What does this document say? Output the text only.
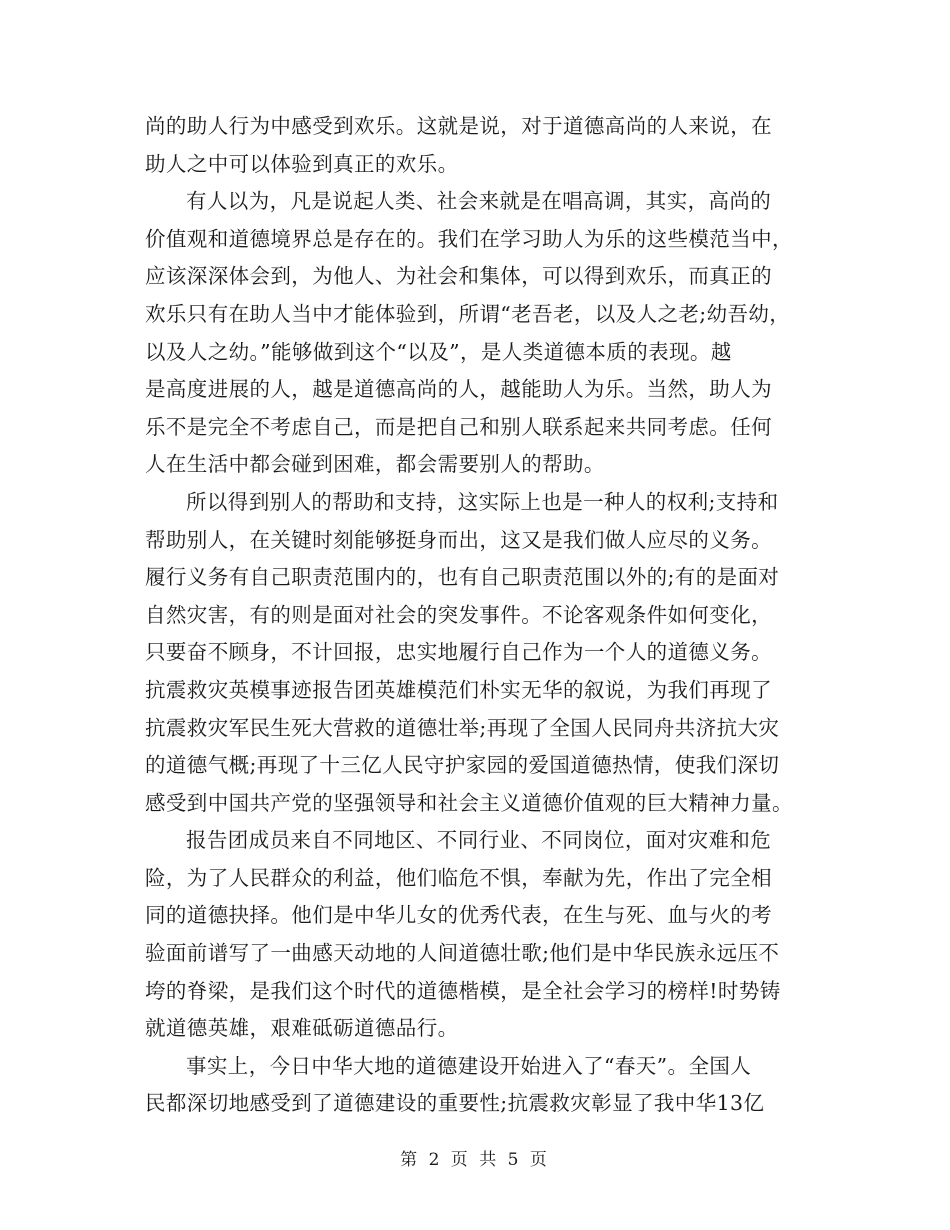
尚的助人行为中感受到欢乐。这就是说，对于道德高尚的人来说，在
助人之中可以体验到真正的欢乐。
有人以为，凡是说起人类、社会来就是在唱高调，其实，高尚的
价值观和道德境界总是存在的。我们在学习助人为乐的这些模范当中，
应该深深体会到，为他人、为社会和集体，可以得到欢乐，而真正的
欢乐只有在助人当中才能体验到，所谓“老吾老，以及人之老;幼吾幼，
以及人之幼。”能够做到这个“以及”，是人类道德本质的表现。越
是高度进展的人，越是道德高尚的人，越能助人为乐。当然，助人为
乐不是完全不考虑自己，而是把自己和别人联系起来共同考虑。任何
人在生活中都会碰到困难，都会需要别人的帮助。
所以得到别人的帮助和支持，这实际上也是一种人的权利;支持和
帮助别人，在关键时刻能够挺身而出，这又是我们做人应尽的义务。
履行义务有自己职责范围内的，也有自己职责范围以外的;有的是面对
自然灾害，有的则是面对社会的突发事件。不论客观条件如何变化，
只要奋不顾身，不计回报，忠实地履行自己作为一个人的道德义务。
抗震救灾英模事迹报告团英雄模范们朴实无华的叙说，为我们再现了
抗震救灾军民生死大营救的道德壮举;再现了全国人民同舟共济抗大灾
的道德气概;再现了十三亿人民守护家园的爱国道德热情，使我们深切
感受到中国共产党的坚强领导和社会主义道德价值观的巨大精神力量。
报告团成员来自不同地区、不同行业、不同岗位，面对灾难和危
险，为了人民群众的利益，他们临危不惧，奉献为先，作出了完全相
同的道德抉择。他们是中华儿女的优秀代表，在生与死、血与火的考
验面前谱写了一曲感天动地的人间道德壮歌;他们是中华民族永远压不
垮的脊梁，是我们这个时代的道德楷模，是全社会学习的榜样!时势铸
就道德英雄，艰难砥砺道德品行。
事实上，今日中华大地的道德建设开始进入了“春天”。全国人
民都深切地感受到了道德建设的重要性;抗震救灾彰显了我中华13亿
第 2 页 共 5 页
